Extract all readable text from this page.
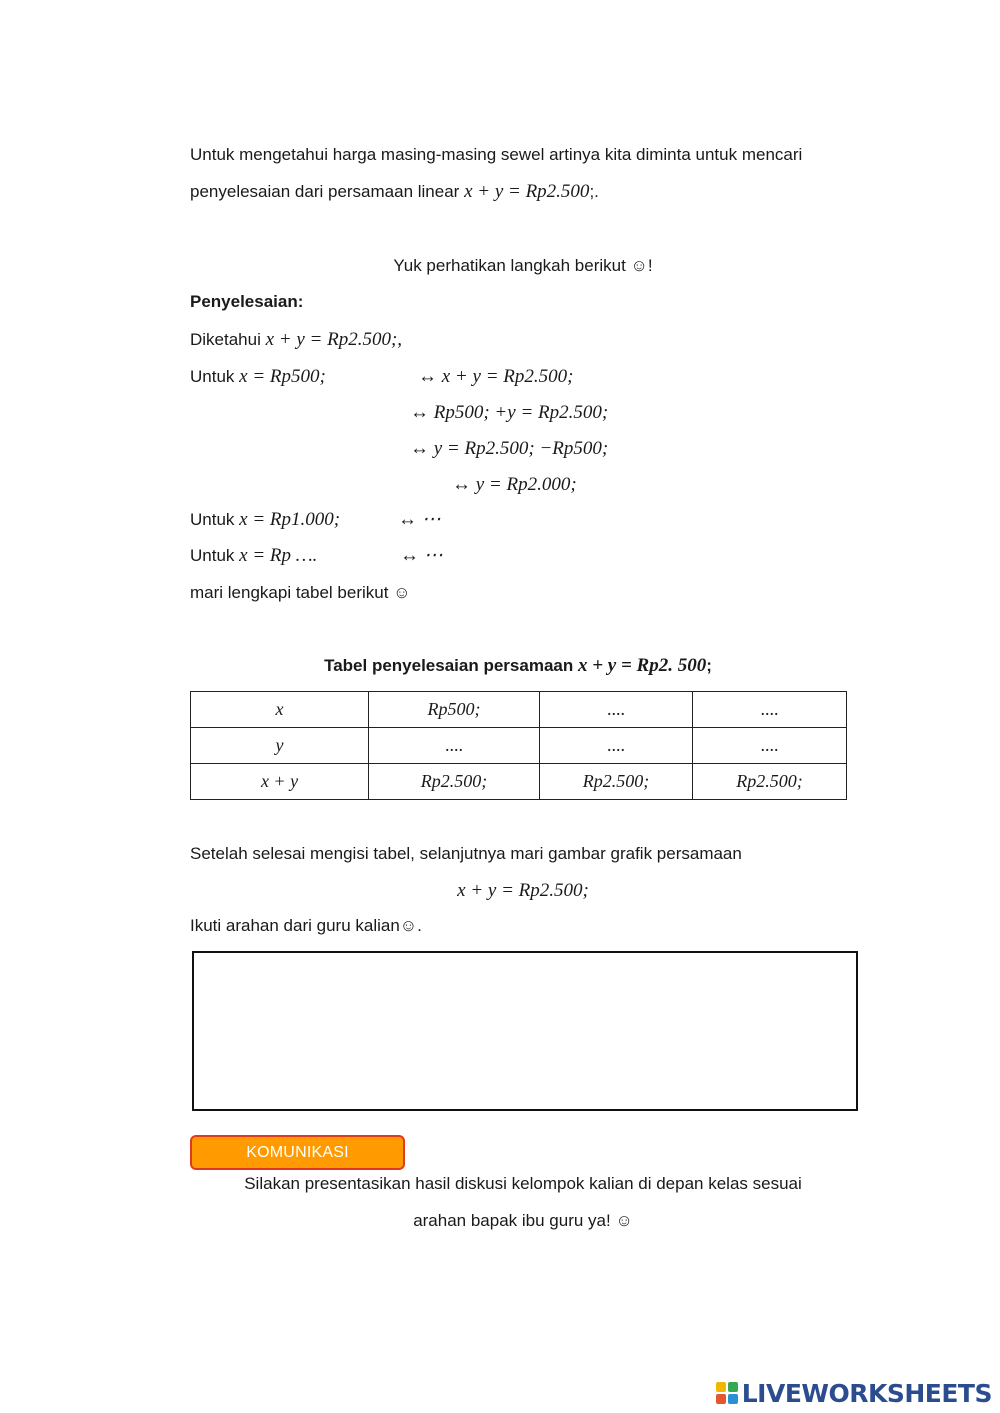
Untuk mengetahui harga masing-masing sewel artinya kita diminta untuk mencari
penyelesaian dari persamaan linear x + y = Rp2.500;.
Yuk perhatikan langkah berikut ☺!
Penyelesaian:
Diketahui x + y = Rp2.500;,
Untuk x = Rp500;	↔ x + y = Rp2.500;
↔ Rp500; +y = Rp2.500;
↔ y = Rp2.500; −Rp500;
↔ y = Rp2.000;
Untuk x = Rp1.000;	↔ ⋯
Untuk x = Rp ….	↔ ⋯
mari lengkapi tabel berikut ☺
Tabel penyelesaian persamaan x + y = Rp2. 500;
x	Rp500;	....	....
y	....	....	....
x + y	Rp2.500;	Rp2.500;	Rp2.500;
Setelah selesai mengisi tabel, selanjutnya mari gambar grafik persamaan
x + y = Rp2.500;
Ikuti arahan dari guru kalian☺.
KOMUNIKASI
Silakan presentasikan hasil diskusi kelompok kalian di depan kelas sesuai
arahan bapak ibu guru ya! ☺
LIVEWORKSHEETS
